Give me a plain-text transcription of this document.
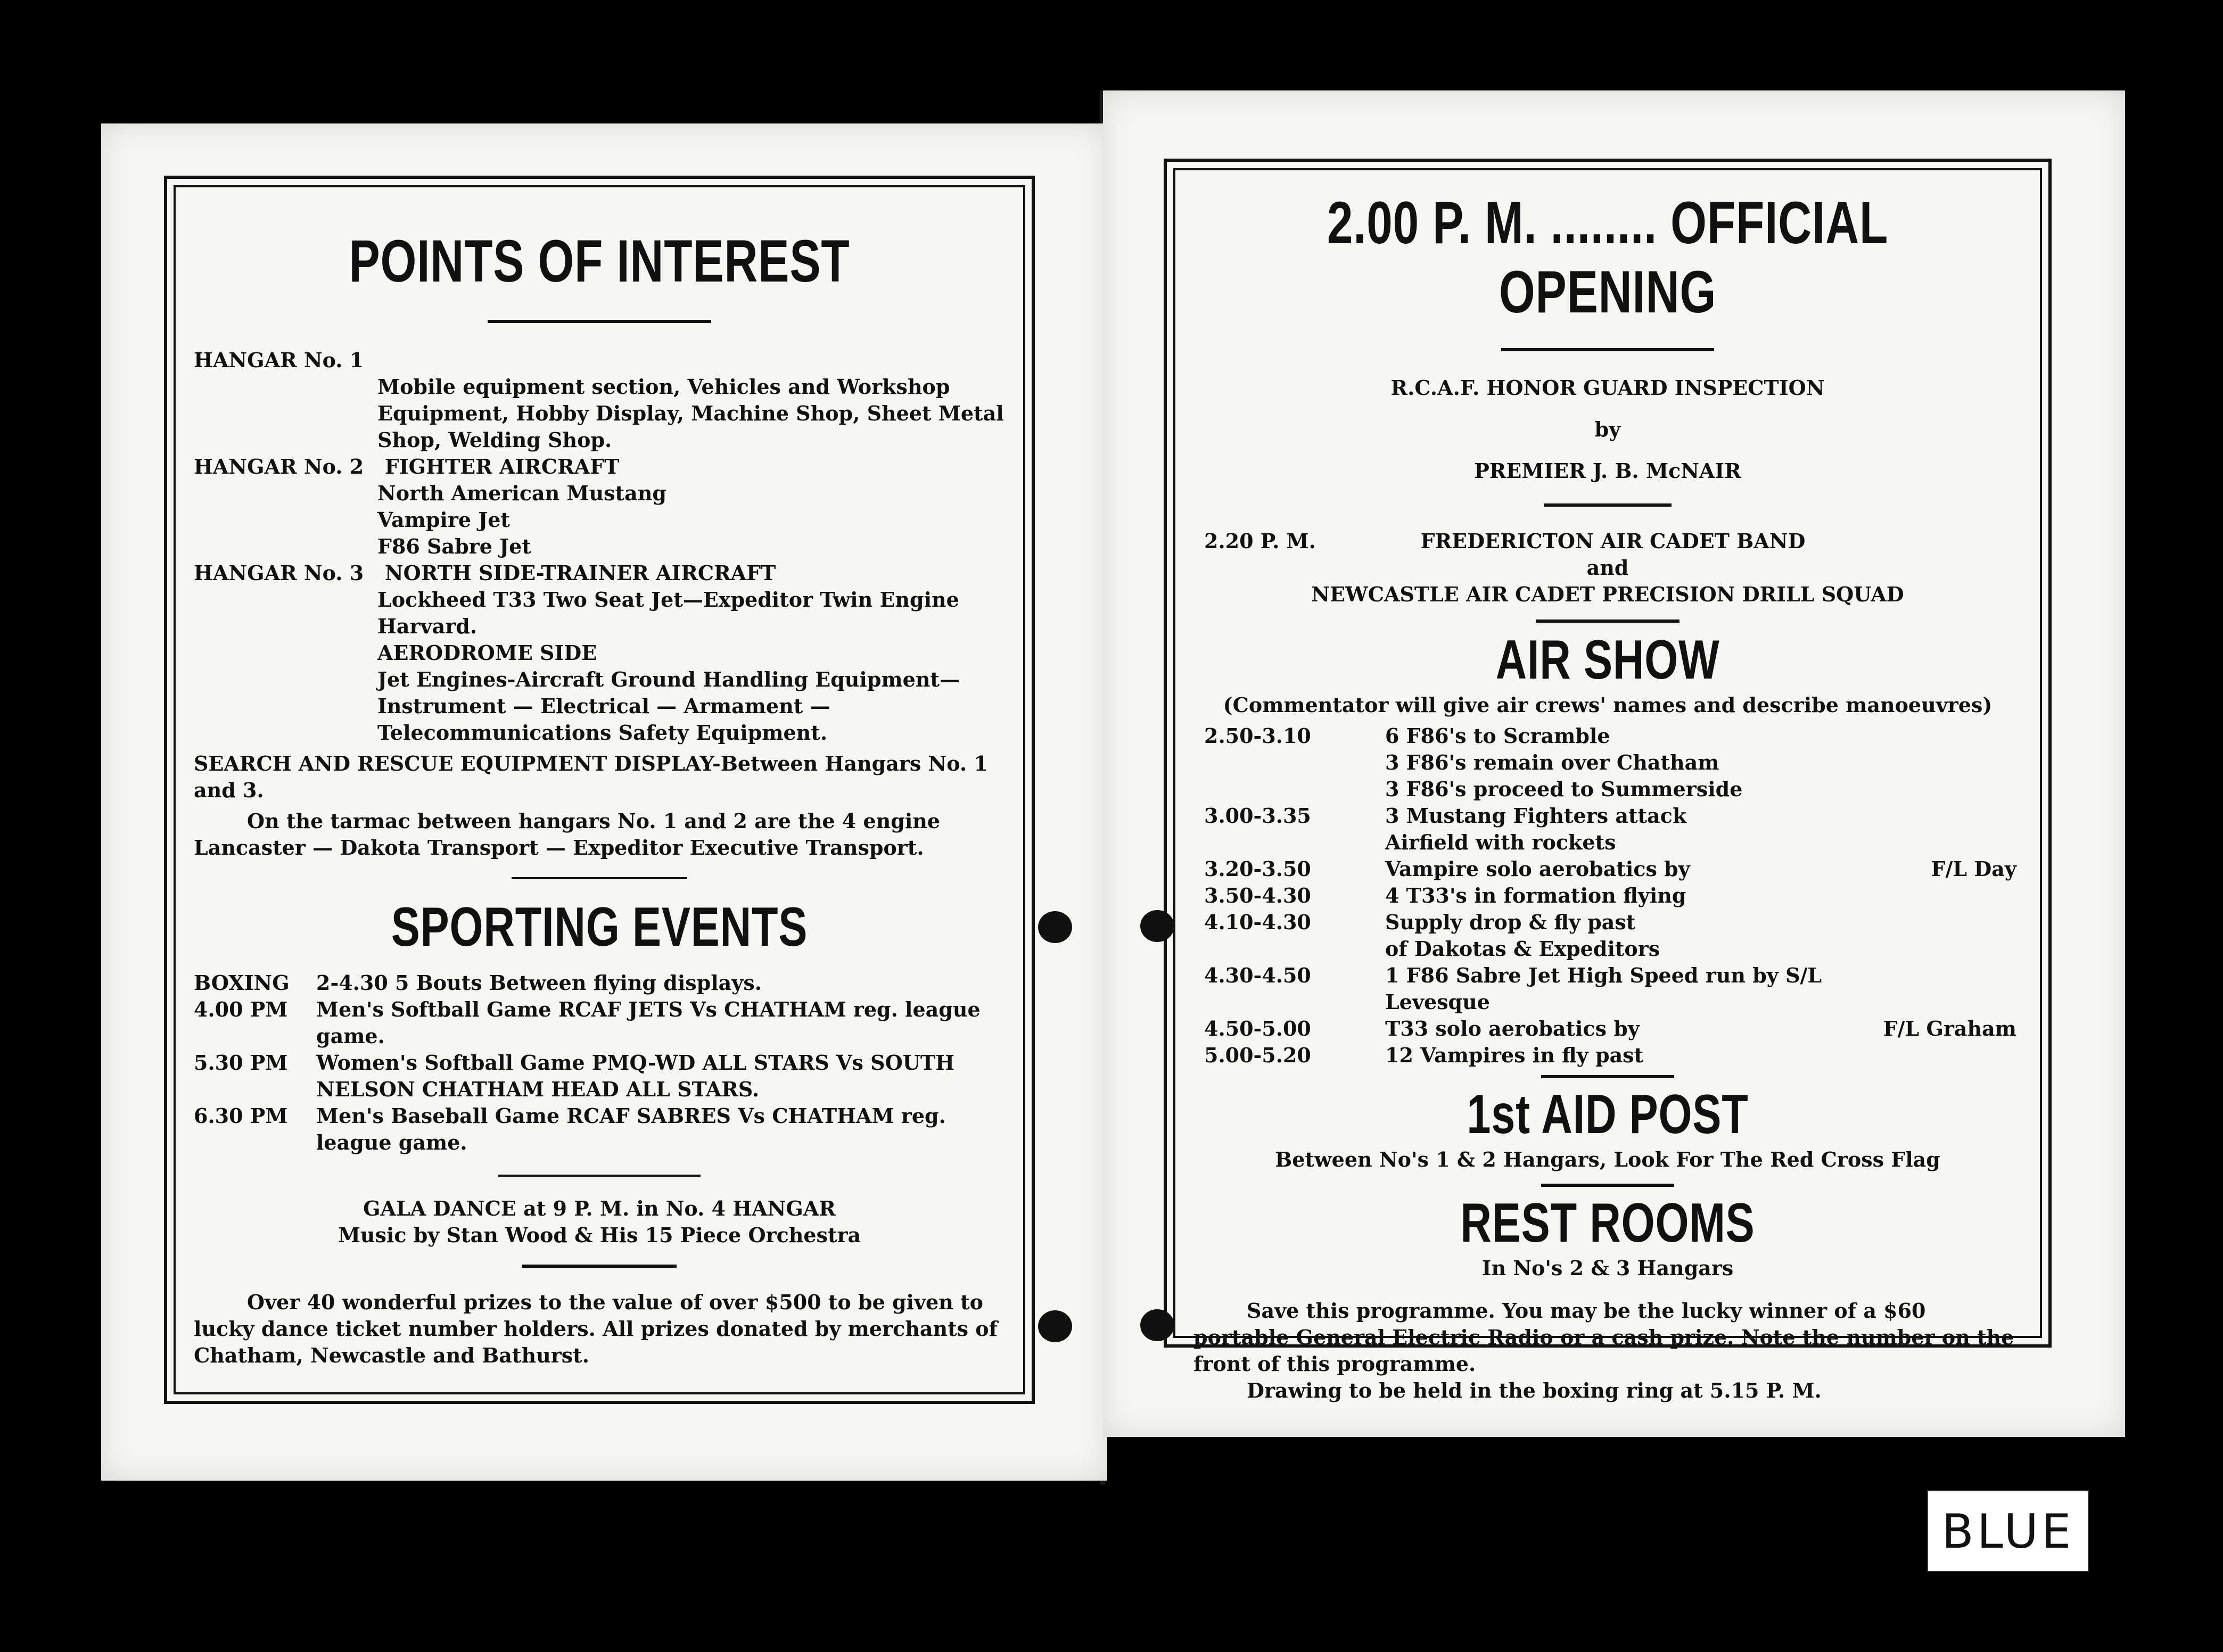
POINTS OF INTEREST
HANGAR No. 1
Mobile equipment section, Vehicles and Workshop Equipment, Hobby Display, Machine Shop, Sheet Metal Shop, Welding Shop.
HANGAR No. 2 FIGHTER AIRCRAFT
North American Mustang
Vampire Jet
F86 Sabre Jet
HANGAR No. 3 NORTH SIDE-TRAINER AIRCRAFT
Lockheed T33 Two Seat Jet—Expeditor Twin Engine Harvard.
AERODROME SIDE
Jet Engines-Aircraft Ground Handling Equipment—Instrument — Electrical — Armament — Telecommunications Safety Equipment.
SEARCH AND RESCUE EQUIPMENT DISPLAY-Between Hangars No. 1 and 3.
On the tarmac between hangars No. 1 and 2 are the 4 engine Lancaster — Dakota Transport — Expeditor Executive Transport.
SPORTING EVENTS
BOXING	2-4.30 5 Bouts Between flying displays.
4.00 PM	Men's Softball Game RCAF JETS Vs CHATHAM reg. league game.
5.30 PM	Women's Softball Game PMQ-WD ALL STARS Vs SOUTH NELSON CHATHAM HEAD ALL STARS.
6.30 PM	Men's Baseball Game RCAF SABRES Vs CHATHAM reg. league game.
GALA DANCE at 9 P. M. in No. 4 HANGAR
Music by Stan Wood & His 15 Piece Orchestra
Over 40 wonderful prizes to the value of over $500 to be given to lucky dance ticket number holders. All prizes donated by merchants of Chatham, Newcastle and Bathurst.
2.00 P. M. ........ OFFICIAL OPENING
R.C.A.F. HONOR GUARD INSPECTION
by
PREMIER J. B. McNAIR
2.20 P. M.	FREDERICTON AIR CADET BAND
and
NEWCASTLE AIR CADET PRECISION DRILL SQUAD
AIR SHOW
(Commentator will give air crews' names and describe manoeuvres)
2.50-3.10	6 F86's to Scramble	
	3 F86's remain over Chatham	
	3 F86's proceed to Summerside	
3.00-3.35	3 Mustang Fighters attack	
	Airfield with rockets	
3.20-3.50	Vampire solo aerobatics by	F/L Day
3.50-4.30	4 T33's in formation flying	
4.10-4.30	Supply drop & fly past	
	of Dakotas & Expeditors	
4.30-4.50	1 F86 Sabre Jet High Speed run by S/L Levesque	
4.50-5.00	T33 solo aerobatics by	F/L Graham
5.00-5.20	12 Vampires in fly past	
1st AID POST
Between No's 1 & 2 Hangars, Look For The Red Cross Flag
REST ROOMS
In No's 2 & 3 Hangars
Save this programme. You may be the lucky winner of a $60 portable General Electric Radio or a cash prize. Note the number on the front of this programme.
Drawing to be held in the boxing ring at 5.15 P. M.
BLUE
